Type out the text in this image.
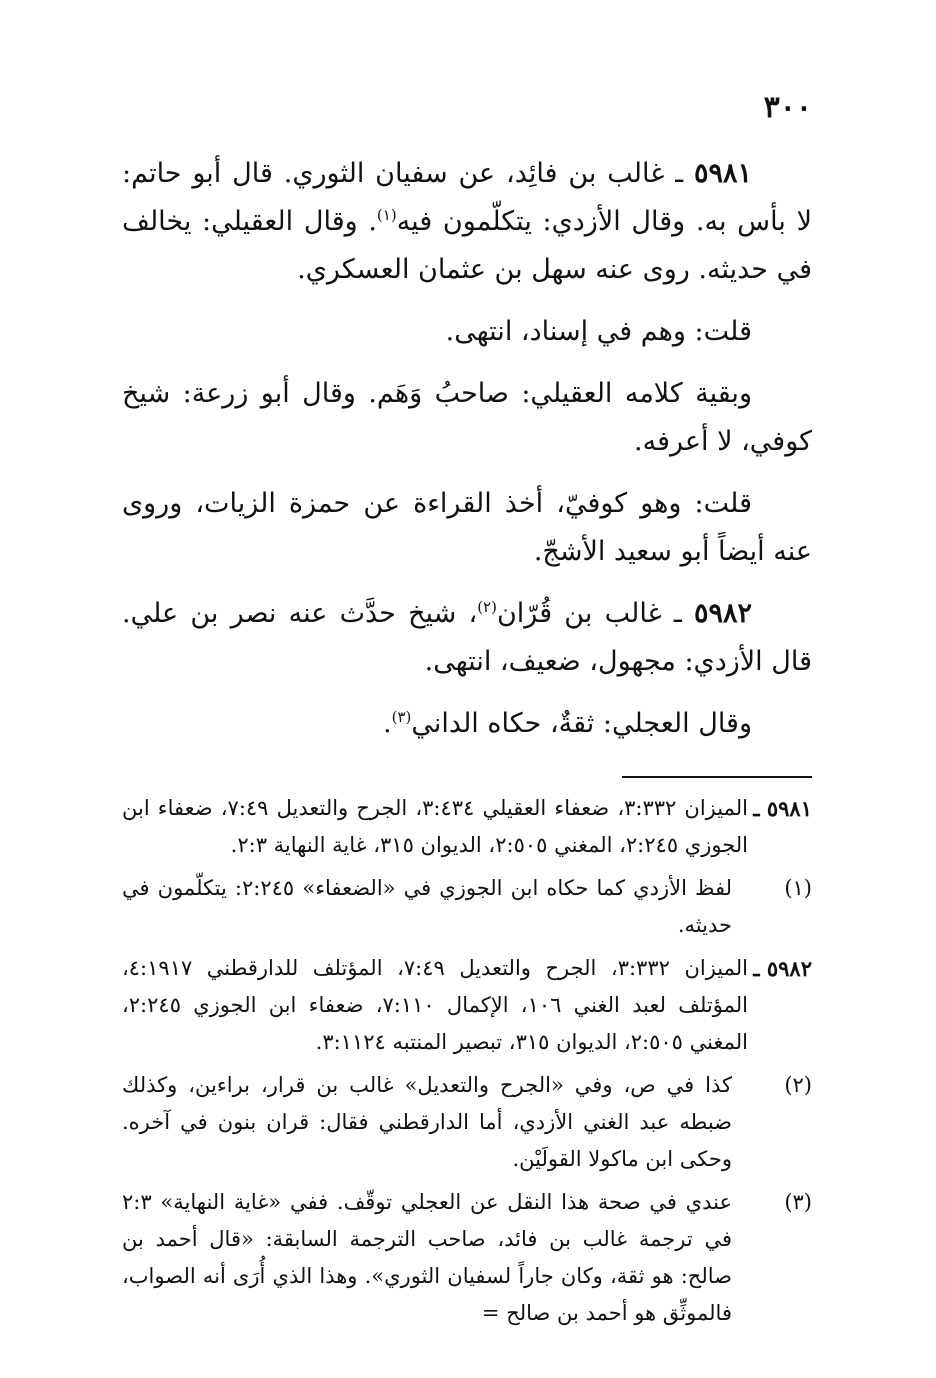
٣٠٠

٥٩٨١ ـ غالب بن فائِد، عن سفيان الثوري. قال أبو حاتم: لا بأس به. وقال الأزدي: يتكلّمون فيه$^{(١)}$. وقال العقيلي: يخالف في حديثه. روى عنه سهل بن عثمان العسكري.

قلت: وهم في إسناد، انتهى.

وبقية كلامه العقيلي: صاحبُ وَهَم. وقال أبو زرعة: شيخ كوفي، لا أعرفه.

قلت: وهو كوفيّ، أخذ القراءة عن حمزة الزيات، وروى عنه أيضاً أبو سعيد الأشجّ.

٥٩٨٢ ـ غالب بن قُرّان$^{(٢)}$، شيخ حدَّث عنه نصر بن علي. قال الأزدي: مجهول، ضعيف، انتهى.

وقال العجلي: ثقةٌ، حكاه الداني$^{(٣)}$.

٥٩٨١ ـ
الميزان ٣:٣٣٢، ضعفاء العقيلي ٣:٤٣٤، الجرح والتعديل ٧:٤٩، ضعفاء ابن الجوزي ٢:٢٤٥، المغني ٢:٥٠٥، الديوان ٣١٥، غاية النهاية ٢:٣.
(١)
لفظ الأزدي كما حكاه ابن الجوزي في «الضعفاء» ٢:٢٤٥: يتكلّمون في حديثه.
٥٩٨٢ ـ
الميزان ٣:٣٣٢، الجرح والتعديل ٧:٤٩، المؤتلف للدارقطني ٤:١٩١٧، المؤتلف لعبد الغني ١٠٦، الإكمال ٧:١١٠، ضعفاء ابن الجوزي ٢:٢٤٥، المغني ٢:٥٠٥، الديوان ٣١٥، تبصير المنتبه ٣:١١٢٤.
(٢)
كذا في ص، وفي «الجرح والتعديل» غالب بن قرار، براءين، وكذلك ضبطه عبد الغني الأزدي، أما الدارقطني فقال: قران بنون في آخره. وحكى ابن ماكولا القولَيْن.
(٣)
عندي في صحة هذا النقل عن العجلي توقّف. ففي «غاية النهاية» ٢:٣ في ترجمة غالب بن فائد، صاحب الترجمة السابقة: «قال أحمد بن صالح: هو ثقة، وكان جاراً لسفيان الثوري». وهذا الذي أُرَى أنه الصواب، فالموثِّق هو أحمد بن صالح =
